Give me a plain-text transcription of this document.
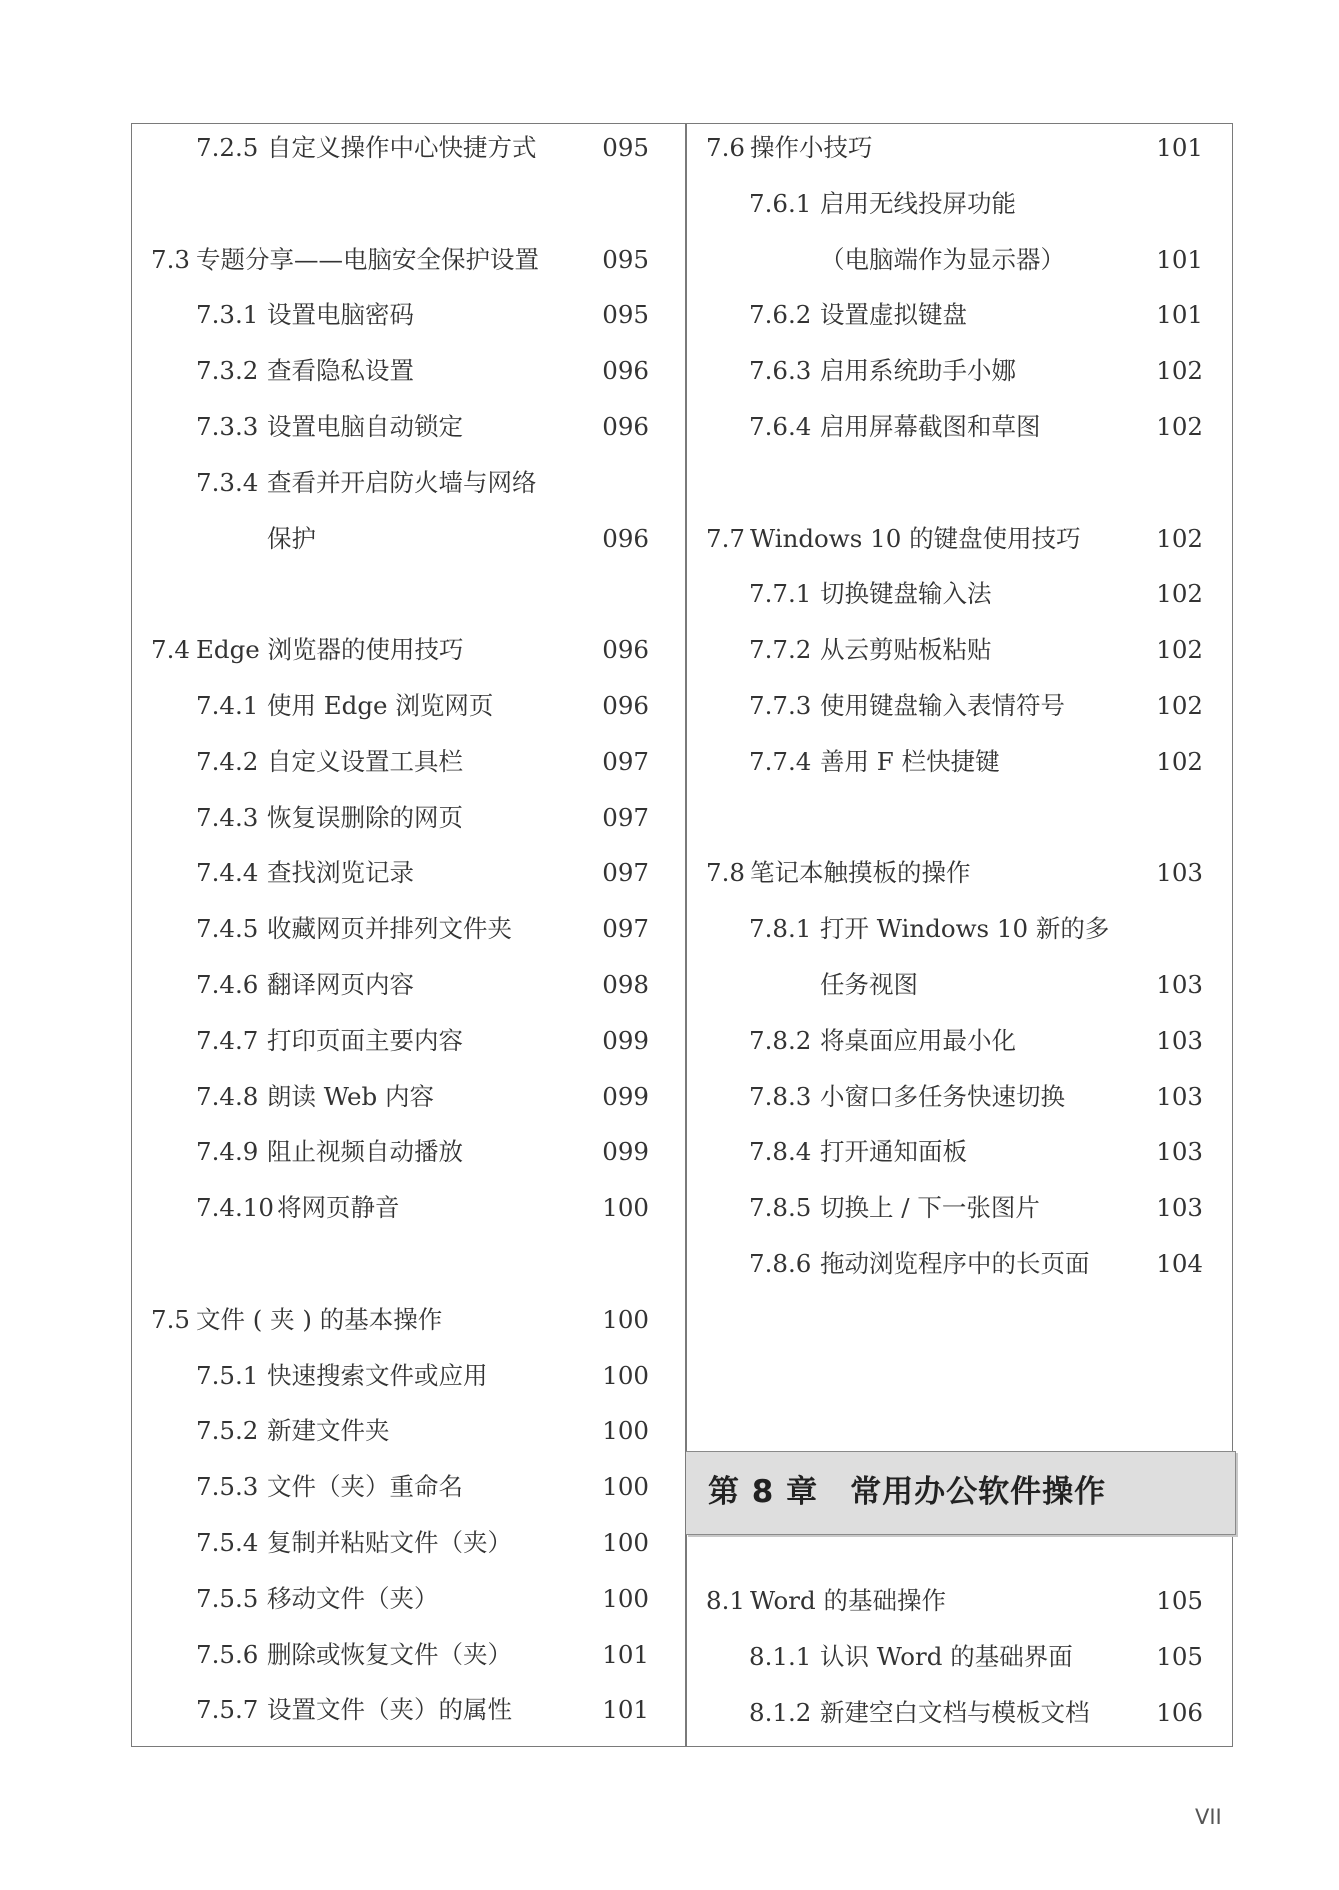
7.2.5 自定义操作中心快捷方式	095
7.3 专题分享——电脑安全保护设置	095
7.3.1 设置电脑密码	095
7.3.2 查看隐私设置	096
7.3.3 设置电脑自动锁定	096
7.3.4 查看并开启防火墙与网络
保护	096
7.4 Edge 浏览器的使用技巧	096
7.4.1 使用 Edge 浏览网页	096
7.4.2 自定义设置工具栏	097
7.4.3 恢复误删除的网页	097
7.4.4 查找浏览记录	097
7.4.5 收藏网页并排列文件夹	097
7.4.6 翻译网页内容	098
7.4.7 打印页面主要内容	099
7.4.8 朗读 Web 内容	099
7.4.9 阻止视频自动播放	099
7.4.10 将网页静音	100
7.5 文件 ( 夹 ) 的基本操作	100
7.5.1 快速搜索文件或应用	100
7.5.2 新建文件夹	100
7.5.3 文件（夹）重命名	100
7.5.4 复制并粘贴文件（夹）	100
7.5.5 移动文件（夹）	100
7.5.6 删除或恢复文件（夹）	101
7.5.7 设置文件（夹）的属性	101
7.6 操作小技巧	101
7.6.1 启用无线投屏功能
（电脑端作为显示器）	101
7.6.2 设置虚拟键盘	101
7.6.3 启用系统助手小娜	102
7.6.4 启用屏幕截图和草图	102
7.7 Windows 10 的键盘使用技巧	102
7.7.1 切换键盘输入法	102
7.7.2 从云剪贴板粘贴	102
7.7.3 使用键盘输入表情符号	102
7.7.4 善用 F 栏快捷键	102
7.8 笔记本触摸板的操作	103
7.8.1 打开 Windows 10 新的多
任务视图	103
7.8.2 将桌面应用最小化	103
7.8.3 小窗口多任务快速切换	103
7.8.4 打开通知面板	103
7.8.5 切换上 / 下一张图片	103
7.8.6 拖动浏览程序中的长页面	104
8.1 Word 的基础操作	105
8.1.1 认识 Word 的基础界面	105
8.1.2 新建空白文档与模板文档	106
第 8 章　常用办公软件操作
VII
